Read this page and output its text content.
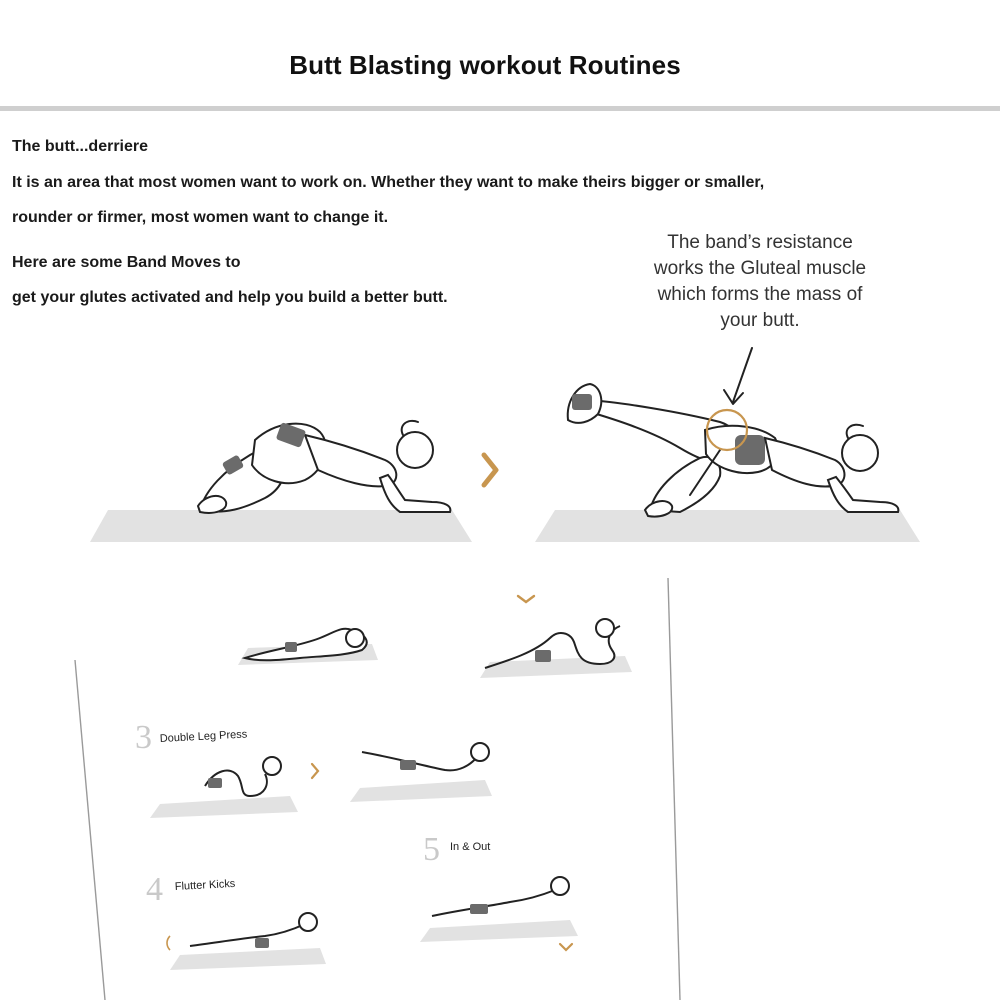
Butt Blasting workout Routines
The butt...derriere
It is an area that most women want to work on. Whether they want to make theirs bigger or smaller,
rounder or firmer, most women want to change it.
Here are some Band Moves to
get your glutes activated and help you build a better butt.
The band’s resistance
works the Gluteal muscle
which forms the mass of
your butt.
3 Double Leg Press
5 In & Out
4 Flutter Kicks
